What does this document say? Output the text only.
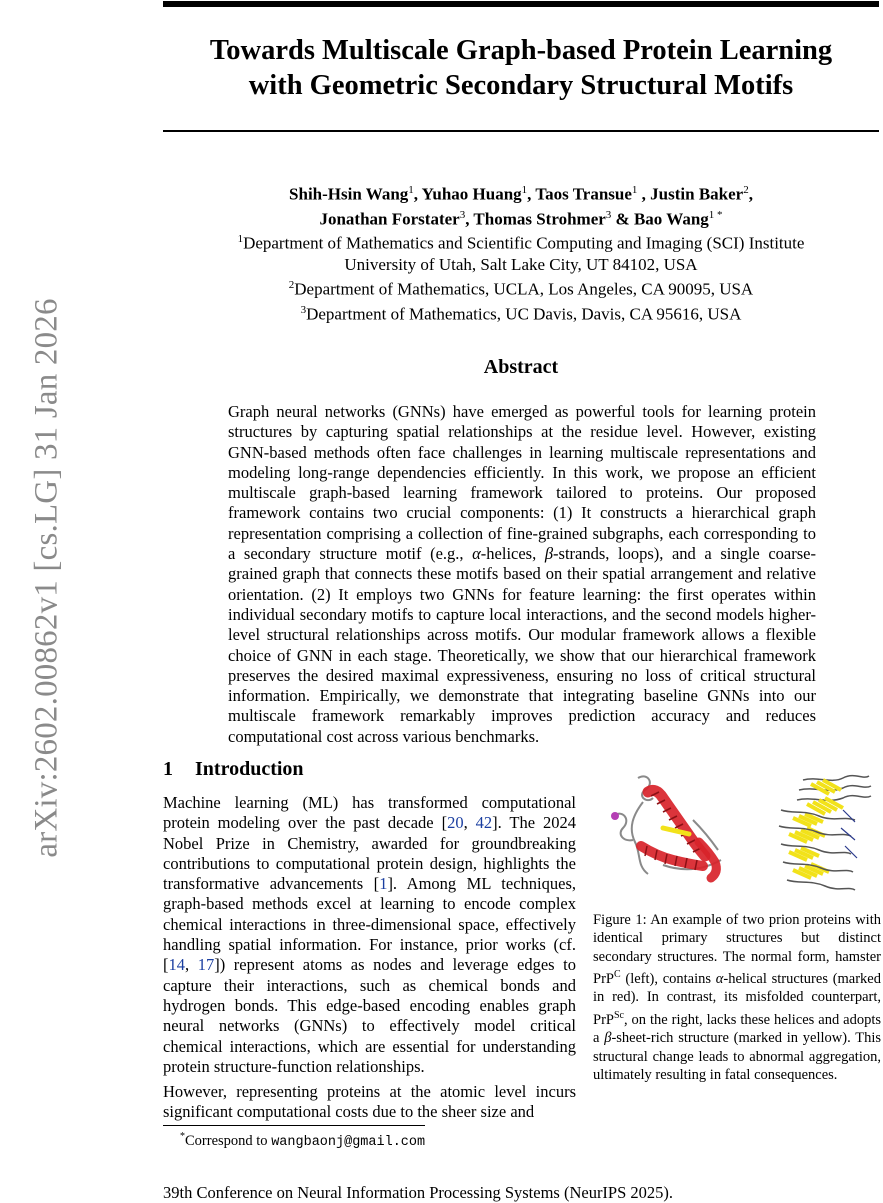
arXiv:2602.00862v1 [cs.LG] 31 Jan 2026
Towards Multiscale Graph-based Protein Learning
with Geometric Secondary Structural Motifs
Shih-Hsin Wang$^1$, Yuhao Huang$^1$, Taos Transue$^1$ , Justin Baker$^2$,
Jonathan Forstater$^3$, Thomas Strohmer$^3$ & Bao Wang$^{1 *}$
$^1$Department of Mathematics and Scientific Computing and Imaging (SCI) Institute
University of Utah, Salt Lake City, UT 84102, USA
$^2$Department of Mathematics, UCLA, Los Angeles, CA 90095, USA
$^3$Department of Mathematics, UC Davis, Davis, CA 95616, USA
Abstract

Graph neural networks (GNNs) have emerged as powerful tools for learning protein structures by capturing spatial relationships at the residue level. However, existing GNN-based methods often face challenges in learning multiscale representations and modeling long-range dependencies efficiently. In this work, we propose an efficient multiscale graph-based learning framework tailored to proteins. Our proposed framework contains two crucial components: (1) It constructs a hierarchical graph representation comprising a collection of fine-grained subgraphs, each corresponding to a secondary structure motif (e.g., α-helices, β-strands, loops), and a single coarse-grained graph that connects these motifs based on their spatial arrangement and relative orientation. (2) It employs two GNNs for feature learning: the first operates within individual secondary motifs to capture local interactions, and the second models higher-level structural relationships across motifs. Our modular framework allows a flexible choice of GNN in each stage. Theoretically, we show that our hierarchical framework preserves the desired maximal expressiveness, ensuring no loss of critical structural information. Empirically, we demonstrate that integrating baseline GNNs into our multiscale framework remarkably improves prediction accuracy and reduces computational cost across various benchmarks.

1 Introduction

Machine learning (ML) has transformed computational protein modeling over the past decade [20, 42]. The 2024 Nobel Prize in Chemistry, awarded for groundbreaking contributions to computational protein design, highlights the transformative advancements [1]. Among ML techniques, graph-based methods excel at learning to encode complex chemical interactions in three-dimensional space, effectively handling spatial information. For instance, prior works (cf. [14, 17]) represent atoms as nodes and leverage edges to capture their interactions, such as chemical bonds and hydrogen bonds. This edge-based encoding enables graph neural networks (GNNs) to effectively model critical chemical interactions, which are essential for understanding protein structure-function relationships.

However, representing proteins at the atomic level incurs significant computational costs due to the sheer size and

Figure 1: An example of two prion proteins with identical primary structures but distinct secondary structures. The normal form, hamster PrP$^C$ (left), contains α-helical structures (marked in red). In contrast, its misfolded counterpart, PrP$^{Sc}$, on the right, lacks these helices and adopts a β-sheet-rich structure (marked in yellow). This structural change leads to abnormal aggregation, ultimately resulting in fatal consequences.

*Correspond to wangbaonj@gmail.com
39th Conference on Neural Information Processing Systems (NeurIPS 2025).
